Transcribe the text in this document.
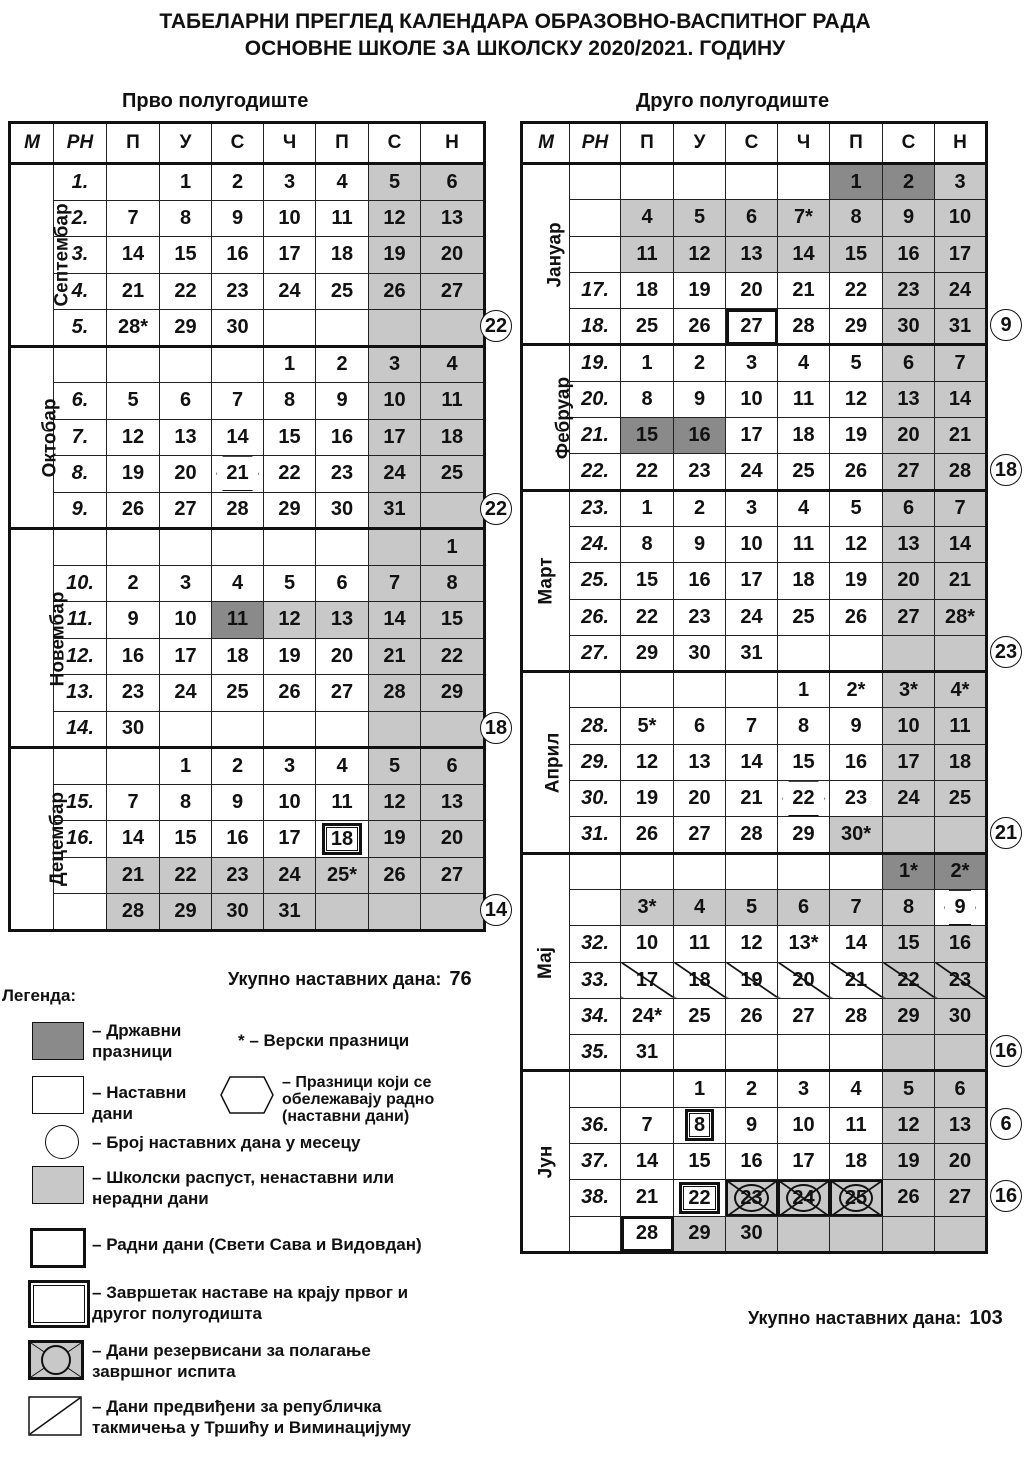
ТАБЕЛАРНИ ПРЕГЛЕД КАЛЕНДАРА ОБРАЗОВНО-ВАСПИТНОГ РАДА
ОСНОВНЕ ШКОЛЕ ЗА ШКОЛСКУ 2020/2021. ГОДИНУ
Прво полугодиште	Друго полугодиште
М	РН	П	У	С	Ч	П	С	Н
Септембар	1.		1	2	3	4	5	6
	2.	7	8	9	10	11	12	13
	3.	14	15	16	17	18	19	20
	4.	21	22	23	24	25	26	27
	5.	28*	29	30				
Октобар					1	2	3	4
	6.	5	6	7	8	9	10	11
	7.	12	13	14	15	16	17	18
	8.	19	20	21	22	23	24	25
	9.	26	27	28	29	30	31	
Новембар								1
	10.	2	3	4	5	6	7	8
	11.	9	10	11	12	13	14	15
	12.	16	17	18	19	20	21	22
	13.	23	24	25	26	27	28	29
	14.	30						
Децембар			1	2	3	4	5	6
	15.	7	8	9	10	11	12	13
	16.	14	15	16	17	18	19	20
		21	22	23	24	25*	26	27
		28	29	30	31			
М	РН	П	У	С	Ч	П	С	Н
Јануар						1	2	3
		4	5	6	7*	8	9	10
		11	12	13	14	15	16	17
	17.	18	19	20	21	22	23	24
	18.	25	26	27	28	29	30	31
Фебруар	19.	1	2	3	4	5	6	7
	20.	8	9	10	11	12	13	14
	21.	15	16	17	18	19	20	21
	22.	22	23	24	25	26	27	28
Март	23.	1	2	3	4	5	6	7
	24.	8	9	10	11	12	13	14
	25.	15	16	17	18	19	20	21
	26.	22	23	24	25	26	27	28*
	27.	29	30	31				
Април					1	2*	3*	4*
	28.	5*	6	7	8	9	10	11
	29.	12	13	14	15	16	17	18
	30.	19	20	21	22	23	24	25
	31.	26	27	28	29	30*		
Мај							1*	2*
		3*	4	5	6	7	8	9
	32.	10	11	12	13*	14	15	16
	33.	17	18	19	20	21	22	23
	34.	24*	25	26	27	28	29	30
	35.	31						
Јун			1	2	3	4	5	6
	36.	7	8	9	10	11	12	13
	37.	14	15	16	17	18	19	20
	38.	21	22	23	24	25	26	27
		28	29	30				
22
22
18
14
9
18
23
21
16
6
16
Укупно наставних дана: 76
Укупно наставних дана: 103
Легенда:
– Државни празници
* – Верски празници
– Наставни дани
– Празници који се обележавају радно (наставни дани)
– Број наставних дана у месецу
– Школски распуст, ненаставни или нерадни дани
– Радни дани (Свети Сава и Видовдан)
– Завршетак наставе на крају првог и другог полугодишта
– Дани резервисани за полагање завршног испита
– Дани предвиђени за републичка такмичења у Тршићу и Виминацијуму
